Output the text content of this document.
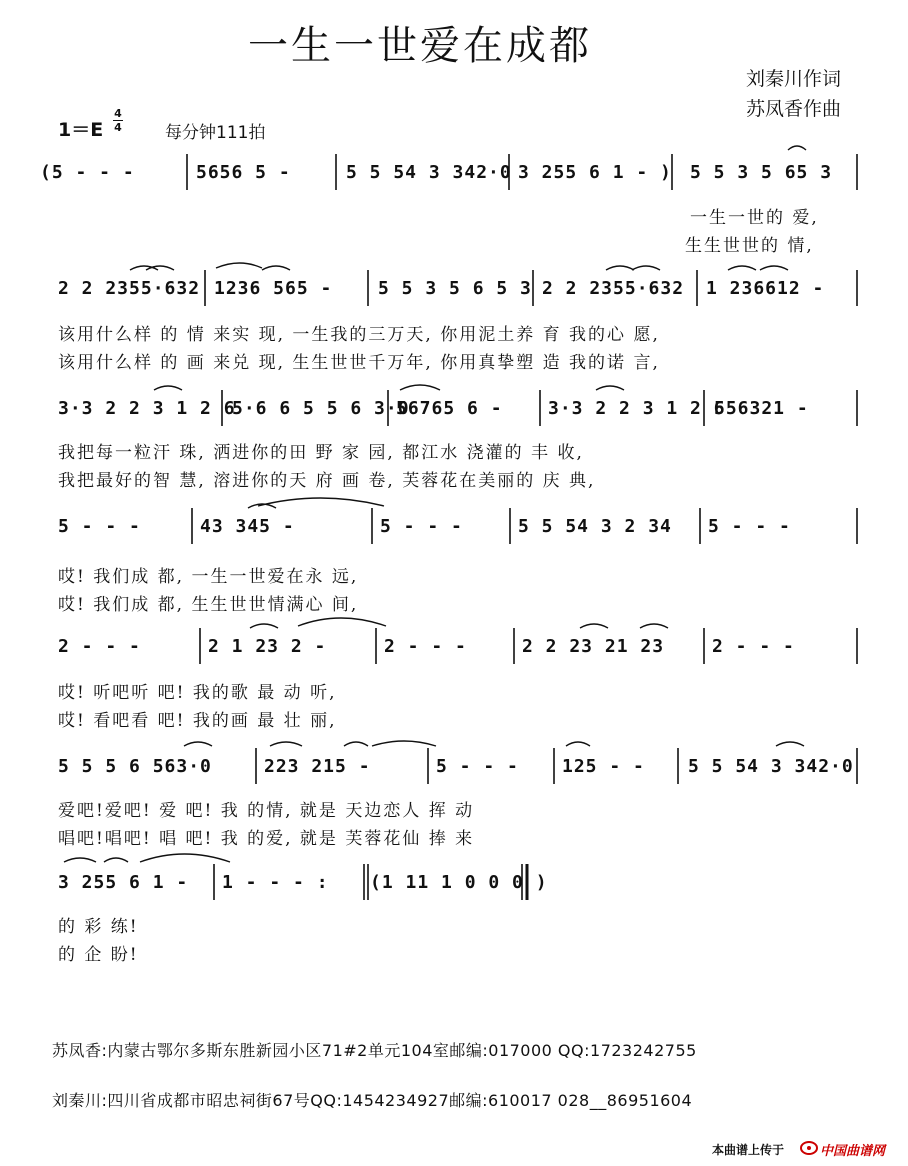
一生一世爱在成都
刘秦川作词
苏凤香作曲
1＝E
4
4	每分钟111拍
(5 - - -	5656 5 -	5 5 54 3 342·0 3 255 6 1 - ) 5 5 3 5 65 3
一生一世的 爱,
生生世世的 情,
2 2 2355·632 1236 565 -	5 5 3 5 6 5 3 2 2 2355·632 1 236612 -
该用什么样 的 情 来实 现, 一生我的三万天, 你用泥土养 育 我的心 愿,
该用什么样 的 画 来兑 现, 生生世世千万年, 你用真挚塑 造 我的诺 言,
3·3 2 2 3 1 2 6
5·6 6 5 5 6 3·0
56765 6 -	3·3 2 2 3 1 2 6
556321 -
我把每一粒汗 珠, 洒进你的田 野 家 园, 都江水 浇灌的 丰 收,
我把最好的智 慧, 溶进你的天 府 画 卷, 芙蓉花在美丽的 庆 典,
5 - - -	43 345 -	5 - - -	5 5 54 3 2 34 5 - - -
哎! 我们成 都, 一生一世爱在永 远,
哎! 我们成 都, 生生世世情满心 间,
2 - - -	2 1 23 2 -	2 - - -	2 2 23 21 23	2 - - -
哎! 听吧听 吧! 我的歌 最 动 听,
哎! 看吧看 吧! 我的画 最 壮 丽,
5 5 5 6 563·0	223 215 -	5 - - - 125 - - 5 5 54 3 342·0
爱吧!爱吧! 爱 吧! 我 的情, 就是 天边恋人 挥 动
唱吧!唱吧! 唱 吧! 我 的爱, 就是 芙蓉花仙 捧 来
3 255 6 1 - 1 - - - : (1 11 1 0 0 0 )
的 彩 练!
的 企 盼!
苏凤香:内蒙古鄂尔多斯东胜新园小区71#2单元104室邮编:017000 QQ:1723242755
刘秦川:四川省成都市昭忠祠街67号QQ:1454234927邮编:610017 028__86951604
本曲谱上传于	中国曲谱网
